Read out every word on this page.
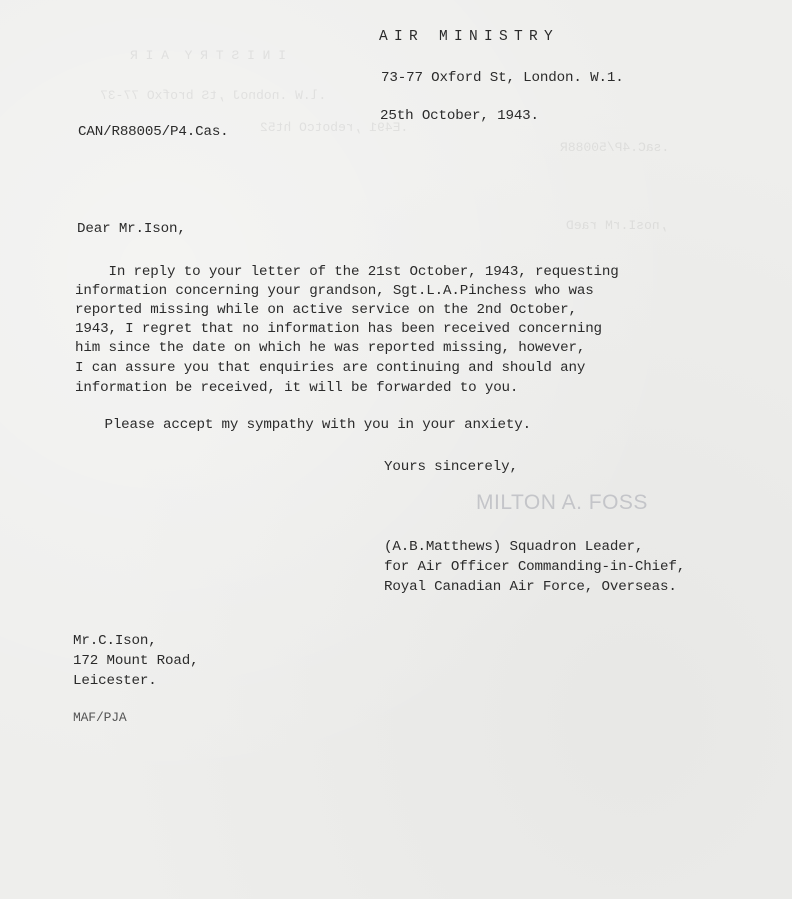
I N I S T R Y  A I R
.l.W .nobnoJ ,tS brofxO 77-37
.E491 ,rebotcO ht52
.saC.4P/50088R
,nosI.rM raeD
AIR MINISTRY
73-77 Oxford St, London. W.1.
25th October, 1943.
CAN/R88005/P4.Cas.
Dear Mr.Ison,
In reply to your letter of the 21st October, 1943, requesting
information concerning your grandson, Sgt.L.A.Pinchess who was
reported missing while on active service on the 2nd October,
1943, I regret that no information has been received concerning
him since the date on which he was reported missing, however,
I can assure you that enquiries are continuing and should any
information be received, it will be forwarded to you.
Please accept my sympathy with you in your anxiety.
Yours sincerely,
MILTON A. FOSS
(A.B.Matthews) Squadron Leader,
for Air Officer Commanding-in-Chief,
Royal Canadian Air Force, Overseas.
Mr.C.Ison,
172 Mount Road,
Leicester.
MAF/PJA
